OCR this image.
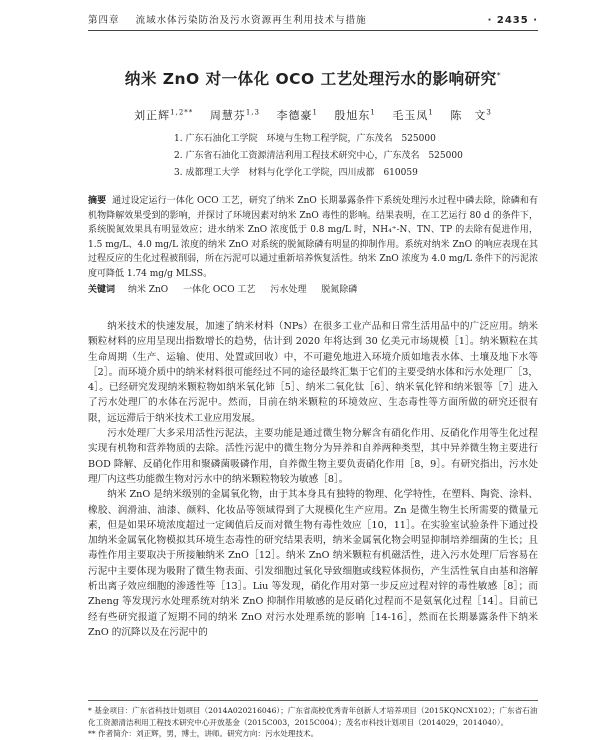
第四章 流域水体污染防治及污水资源再生利用技术与措施	· 2435 ·
纳米 ZnO 对一体化 OCO 工艺处理污水的影响研究*
刘正辉$^{1,2**}$ 周慧芬$^{1,3}$ 李德豪$^1$ 殷旭东$^1$ 毛玉凤$^1$ 陈　文$^3$
1. 广东石油化工学院　环境与生物工程学院，广东茂名　525000
2. 广东省石油化工资源清洁利用工程技术研究中心，广东茂名　525000
3. 成都理工大学　材料与化学化工学院，四川成都　610059
摘要 通过设定运行一体化 OCO 工艺，研究了纳米 ZnO 长期暴露条件下系统处理污水过程中磷去除，除磷和有机物降解效果受到的影响，并探讨了环境因素对纳米 ZnO 毒性的影响。结果表明，在工艺运行 80 d 的条件下，系统脱氮效果具有明显效应；进水纳米 ZnO 浓度低于 0.8 mg/L 时，NH₄⁺-N、TN、TP 的去除有促进作用，1.5 mg/L、4.0 mg/L 浓度的纳米 ZnO 对系统的脱氮除磷有明显的抑制作用。系统对纳米 ZnO 的响应表现在其过程反应的生化过程被削弱，所在污泥可以通过重新培养恢复活性。纳米 ZnO 浓度为 4.0 mg/L 条件下的污泥浓度可降低 1.74 mg/g MLSS。
关键词 纳米 ZnO 一体化 OCO 工艺 污水处理 脱氮除磷

纳米技术的快速发展，加速了纳米材料（NPs）在很多工业产品和日常生活用品中的广泛应用。纳米颗粒材料的应用呈现出指数增长的趋势，估计到 2020 年将达到 30 亿美元市场规模［1］。纳米颗粒在其生命周期（生产、运输、使用、处置或回收）中，不可避免地进入环境介质如地表水体、土壤及地下水等［2］。而环境介质中的纳米材料很可能经过不同的途径最终汇集于它们的主要受纳水体和污水处理厂［3，4］。已经研究发现纳米颗粒物如纳米氧化铈［5］、纳米二氧化钛［6］、纳米氧化锌和纳米银等［7］进入了污水处理厂的水体在污泥中。然而，目前在纳米颗粒的环境效应、生态毒性等方面所做的研究还很有限，远远滞后于纳米技术工业应用发展。

污水处理厂大多采用活性污泥法，主要功能是通过微生物分解含有硝化作用、反硝化作用等生化过程实现有机物和营养物质的去除。活性污泥中的微生物分为异养和自养两种类型，其中异养微生物主要进行 BOD 降解、反硝化作用和聚磷菌吸磷作用，自养微生物主要负责硝化作用［8，9］。有研究指出，污水处理厂内这些功能微生物对污水中的纳米颗粒物较为敏感［8］。

纳米 ZnO 是纳米级别的金属氧化物，由于其本身具有独特的物理、化学特性，在塑料、陶瓷、涂料、橡胶、润滑油、油漆、颜料、化妆品等领域得到了大规模化生产应用。Zn 是微生物生长所需要的微量元素，但是如果环境浓度超过一定阈值后反而对微生物有毒性效应［10，11］。在实验室试验条件下通过投加纳米金属氧化物模拟其环境生态毒性的研究结果表明，纳米金属氧化物会明显抑制培养细菌的生长；且毒性作用主要取决于所接触纳米 ZnO［12］。纳米 ZnO 纳米颗粒有机磁活性，进入污水处理厂后容易在污泥中主要体现为吸附了微生物表面、引发细胞过氧化导致细胞或线粒体损伤，产生活性氧自由基和溶解析出离子效应细胞的渗透性等［13］。Liu 等发现，硝化作用对第一步反应过程对锌的毒性敏感［8］；而 Zheng 等发现污水处理系统对纳米 ZnO 抑制作用敏感的是反硝化过程而不是氨氧化过程［14］。目前已经有些研究报道了短期不同的纳米 ZnO 对污水处理系统的影响［14-16］，然而在长期暴露条件下纳米 ZnO 的沉降以及在污泥中的

* 基金项目：广东省科技计划项目（2014A020216046）；广东省高校优秀青年创新人才培养项目（2015KQNCX102）；广东省石油化工资源清洁利用工程技术研究中心开放基金（2015C003，2015C004）；茂名市科技计划项目（2014029，2014040）。

** 作者简介：刘正辉，男，博士，讲师。研究方向：污水处理技术。
